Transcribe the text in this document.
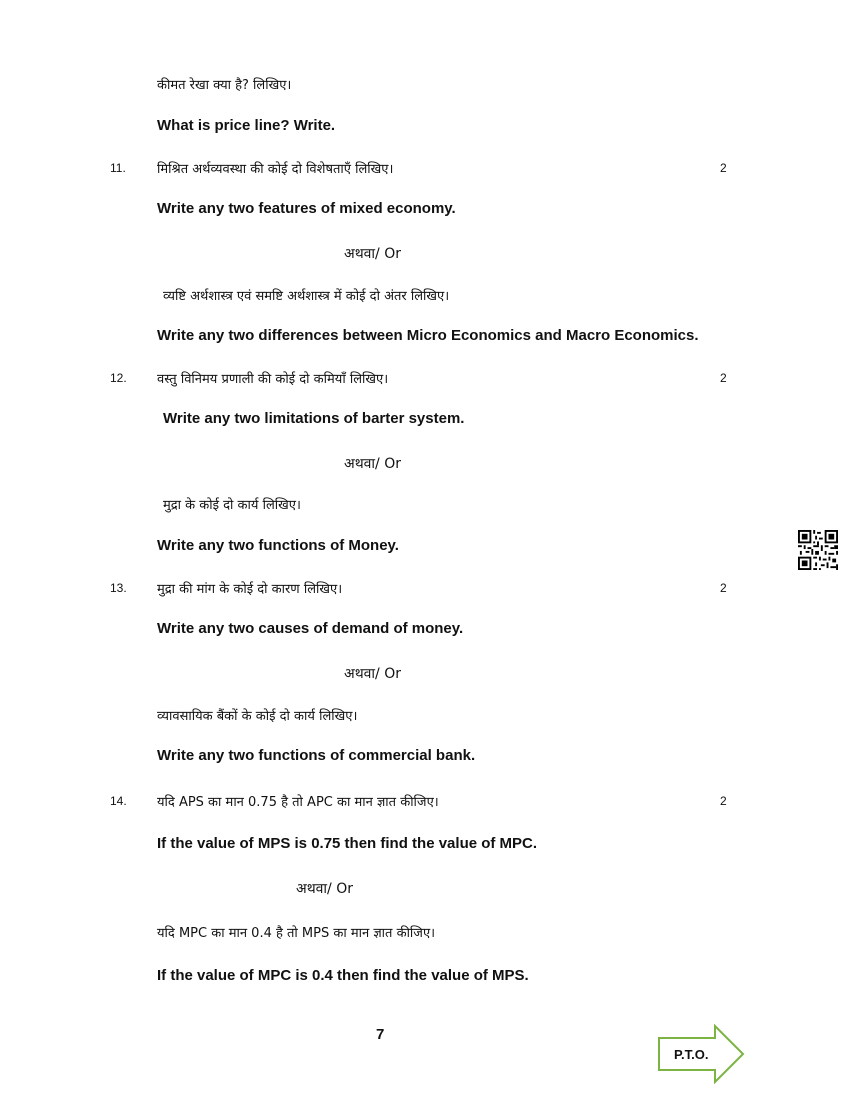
कीमत रेखा क्या है? लिखिए।
What is price line? Write.
11. मिश्रित अर्थव्यवस्था की कोई दो विशेषताएँ लिखिए।	2
Write any two features of mixed economy.
अथवा/ Or
व्यष्टि अर्थशास्त्र एवं समष्टि अर्थशास्त्र में कोई दो अंतर लिखिए।
Write any two differences between Micro Economics and Macro Economics.
12. वस्तु विनिमय प्रणाली की कोई दो कमियाँ लिखिए।	2
Write any two limitations of barter system.
अथवा/ Or
मुद्रा के कोई दो कार्य लिखिए।
Write any two functions of Money.
13. मुद्रा की मांग के कोई दो कारण लिखिए।	2
Write any two causes of demand of money.
अथवा/ Or
व्यावसायिक बैंकों के कोई दो कार्य लिखिए।
Write any two functions of commercial bank.
14. यदि APS का मान 0.75 है तो APC का मान ज्ञात कीजिए।	2
If the value of MPS is 0.75 then find the value of MPC.
अथवा/ Or
यदि MPC का मान 0.4 है तो MPS का मान ज्ञात कीजिए।
If the value of MPC is 0.4 then find the value of MPS.
7
P.T.O.
